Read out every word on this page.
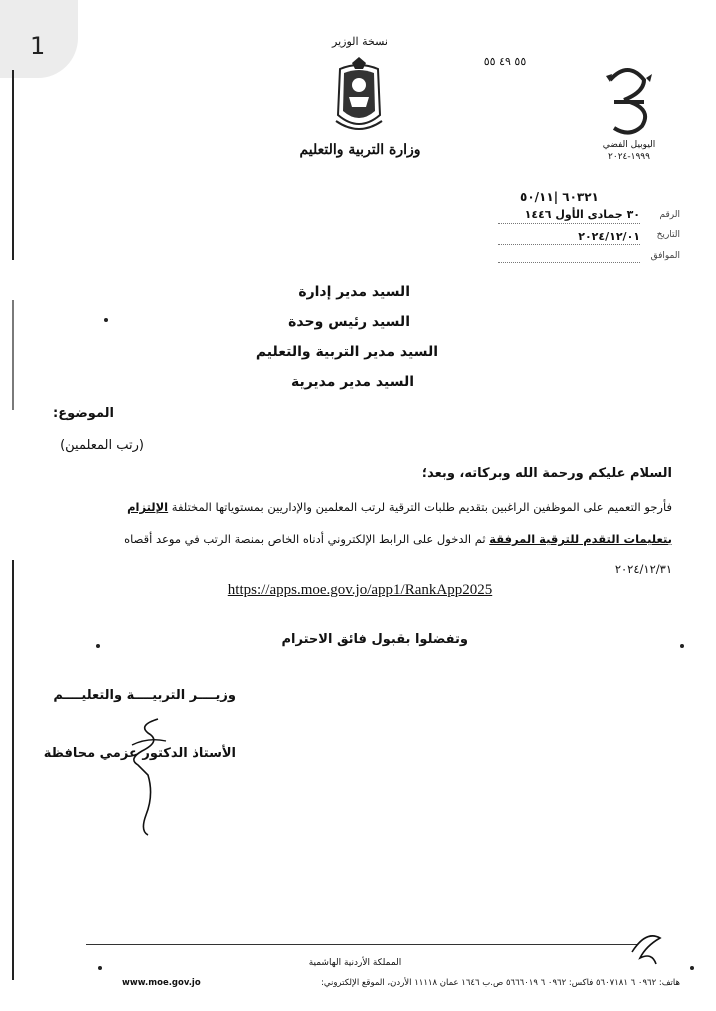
1	نسخة الوزير
٥٥ ٤٩ ٥٥
وزارة التربية والتعليم	اليوبيل الفضي
١٩٩٩-٢٠٢٤
٦٠٣٢١ |٥٠/١١
الرقم
٣٠ جمادى الأول ١٤٤٦
التاريخ
٢٠٢٤/١٢/٠١
الموافق
السيد مدير إدارة
السيد رئيس وحدة
السيد مدير التربية والتعليم
السيد مدير مديرية
الموضوع:
(رتب المعلمين)
السلام عليكم ورحمة الله وبركاته، وبعد؛
فأرجو التعميم على الموظفين الراغبين بتقديم طلبات الترقية لرتب المعلمين والإداريين بمستوياتها المختلفة الإلتزام
بتعليمات التقدم للترقية المرفقة ثم الدخول على الرابط الإلكتروني أدناه الخاص بمنصة الرتب في موعد أقصاه
٢٠٢٤/١٢/٣١
https://apps.moe.gov.jo/app1/RankApp2025
وتفضلوا بقبول فائق الاحترام
وزيــــر التربيــــة والتعليــــم
الأستاذ الدكتور عزمي محافظة
المملكة الأردنية الهاشمية
هاتف: ٠٩٦٢ ٦ ٥٦٠٧١٨١ فاكس: ٠٩٦٢ ٦ ٥٦٦٦٠١٩ ص.ب ١٦٤٦ عمان ١١١١٨ الأردن، الموقع الإلكتروني:
www.moe.gov.jo
